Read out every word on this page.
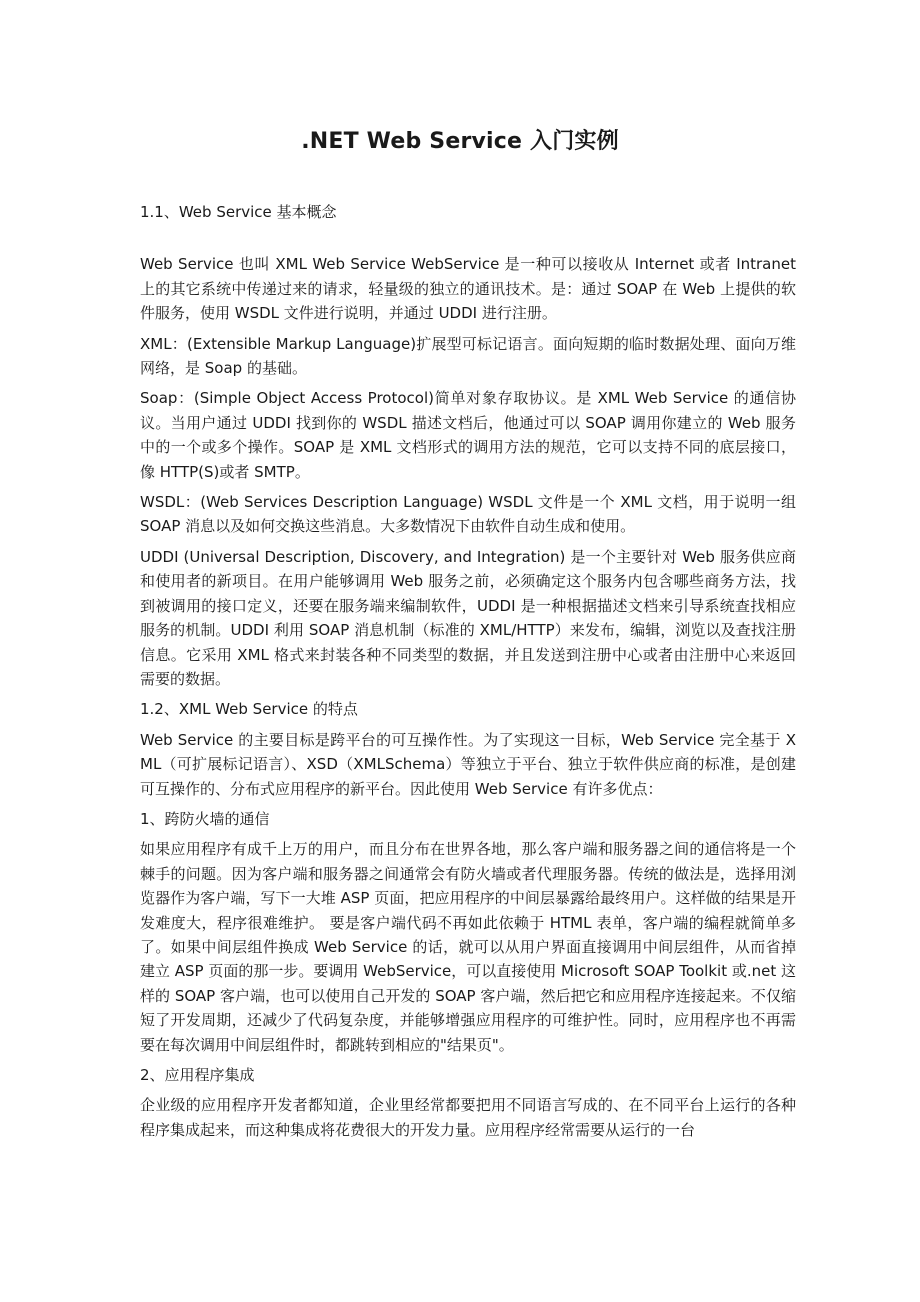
.NET Web Service 入门实例

1.1、Web Service 基本概念

Web Service 也叫 XML Web Service WebService 是一种可以接收从 Internet 或者 Intranet 上的其它系统中传递过来的请求，轻量级的独立的通讯技术。是：通过 SOAP 在 Web 上提供的软件服务，使用 WSDL 文件进行说明，并通过 UDDI 进行注册。

XML：(Extensible Markup Language)扩展型可标记语言。面向短期的临时数据处理、面向万维网络，是 Soap 的基础。

Soap：(Simple Object Access Protocol)简单对象存取协议。是 XML Web Service 的通信协议。当用户通过 UDDI 找到你的 WSDL 描述文档后，他通过可以 SOAP 调用你建立的 Web 服务中的一个或多个操作。SOAP 是 XML 文档形式的调用方法的规范，它可以支持不同的底层接口，像 HTTP(S)或者 SMTP。

WSDL：(Web Services Description Language) WSDL 文件是一个 XML 文档，用于说明一组 SOAP 消息以及如何交换这些消息。大多数情况下由软件自动生成和使用。

UDDI (Universal Description, Discovery, and Integration) 是一个主要针对 Web 服务供应商和使用者的新项目。在用户能够调用 Web 服务之前，必须确定这个服务内包含哪些商务方法，找到被调用的接口定义，还要在服务端来编制软件，UDDI 是一种根据描述文档来引导系统查找相应服务的机制。UDDI 利用 SOAP 消息机制（标准的 XML/HTTP）来发布，编辑，浏览以及查找注册信息。它采用 XML 格式来封装各种不同类型的数据，并且发送到注册中心或者由注册中心来返回需要的数据。

1.2、XML Web Service 的特点

Web Service 的主要目标是跨平台的可互操作性。为了实现这一目标，Web Service 完全基于 XML（可扩展标记语言）、XSD（XMLSchema）等独立于平台、独立于软件供应商的标准，是创建可互操作的、分布式应用程序的新平台。因此使用 Web Service 有许多优点：

1、跨防火墙的通信

如果应用程序有成千上万的用户，而且分布在世界各地，那么客户端和服务器之间的通信将是一个棘手的问题。因为客户端和服务器之间通常会有防火墙或者代理服务器。传统的做法是，选择用浏览器作为客户端，写下一大堆 ASP 页面，把应用程序的中间层暴露给最终用户。这样做的结果是开发难度大，程序很难维护。 要是客户端代码不再如此依赖于 HTML 表单，客户端的编程就简单多了。如果中间层组件换成 Web Service 的话，就可以从用户界面直接调用中间层组件，从而省掉建立 ASP 页面的那一步。要调用 WebService，可以直接使用 Microsoft SOAP Toolkit 或.net 这样的 SOAP 客户端，也可以使用自己开发的 SOAP 客户端，然后把它和应用程序连接起来。不仅缩短了开发周期，还减少了代码复杂度，并能够增强应用程序的可维护性。同时，应用程序也不再需要在每次调用中间层组件时，都跳转到相应的"结果页"。

2、应用程序集成

企业级的应用程序开发者都知道，企业里经常都要把用不同语言写成的、在不同平台上运行的各种程序集成起来，而这种集成将花费很大的开发力量。应用程序经常需要从运行的一台
